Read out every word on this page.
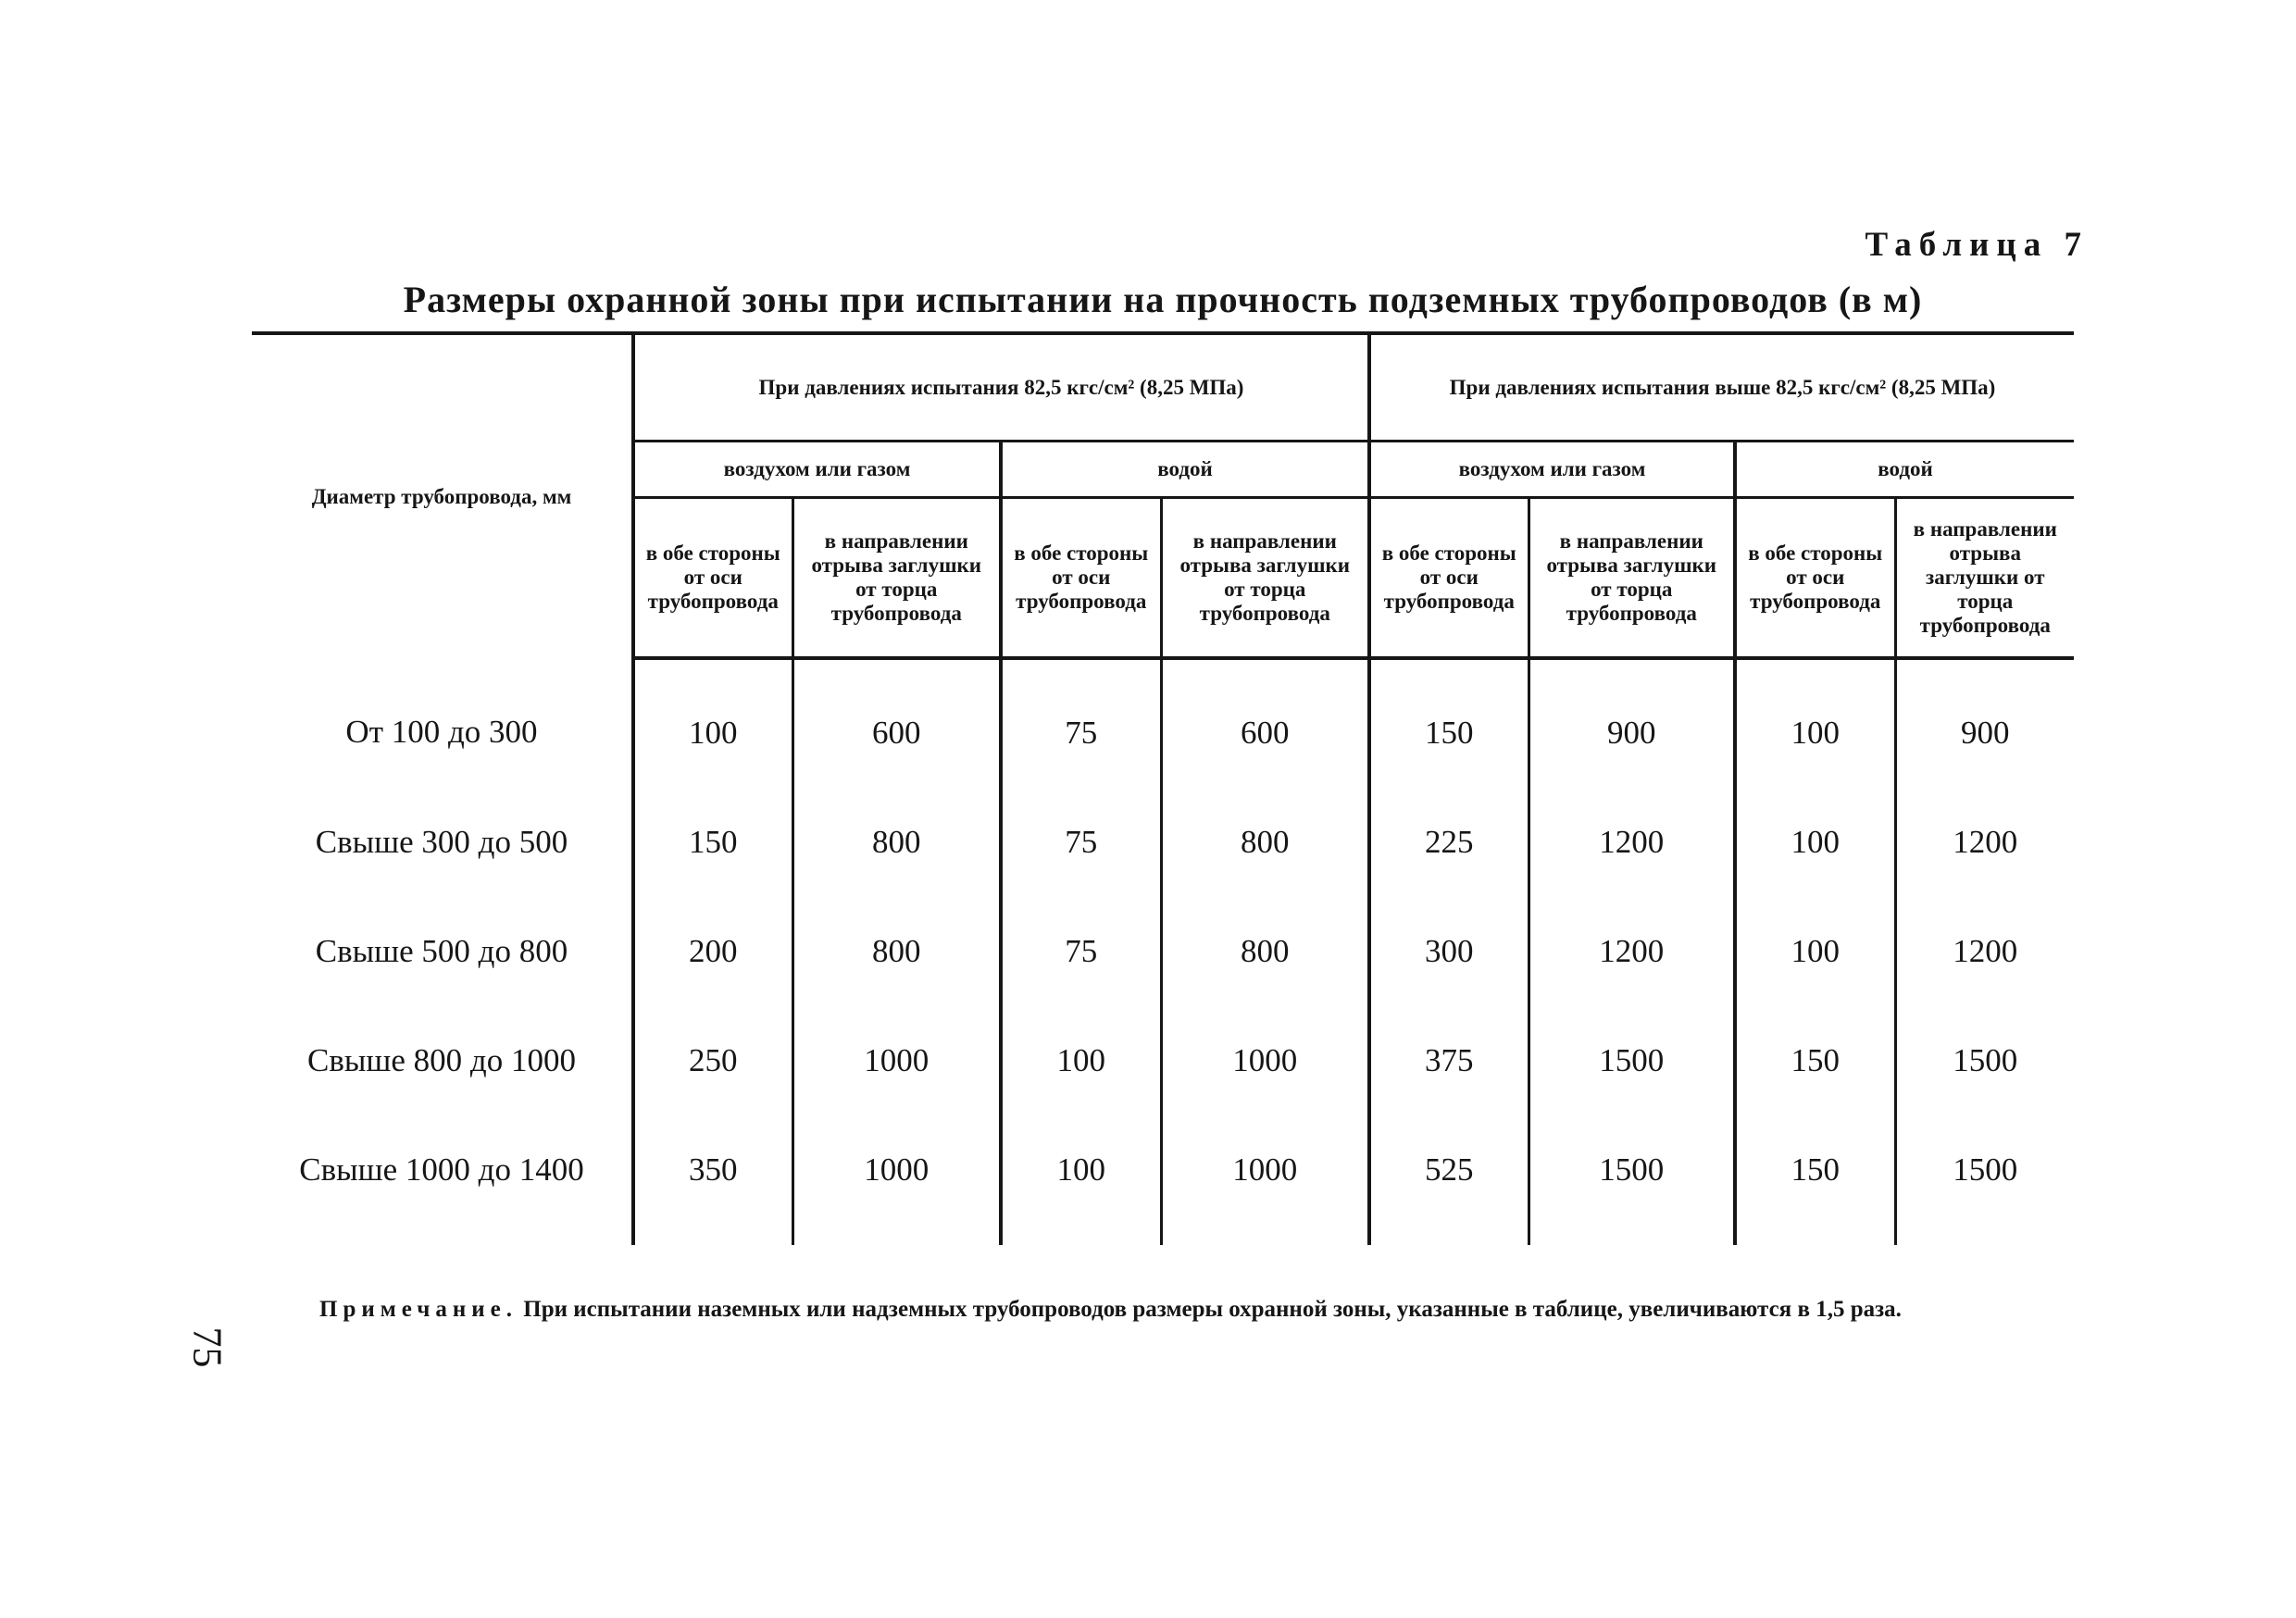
Таблица 7

Размеры охранной зоны при испытании на прочность подземных трубопроводов (в м)
Диаметр трубопровода, мм	При давлениях испытания 82,5 кгс/см² (8,25 МПа)				При давлениях испытания выше 82,5 кгс/см² (8,25 МПа)			
	воздухом или газом		водой		воздухом или газом		водой	
	в обе стороны от оси трубопровода	в направлении отрыва заглушки от торца трубопровода	в обе стороны от оси трубопровода	в направлении отрыва заглушки от торца трубопровода	в обе стороны от оси трубопровода	в направлении отрыва заглушки от торца трубопровода	в обе стороны от оси трубопровода	в направлении отрыва заглушки от торца трубопровода
От 100 до 300	100	600	75	600	150	900	100	900
Свыше 300 до 500	150	800	75	800	225	1200	100	1200
Свыше 500 до 800	200	800	75	800	300	1200	100	1200
Свыше 800 до 1000	250	1000	100	1000	375	1500	150	1500
Свыше 1000 до 1400	350	1000	100	1000	525	1500	150	1500

Примечание. При испытании наземных или надземных трубопроводов размеры охранной зоны, указанные в таблице, увеличиваются в 1,5 раза.

75
